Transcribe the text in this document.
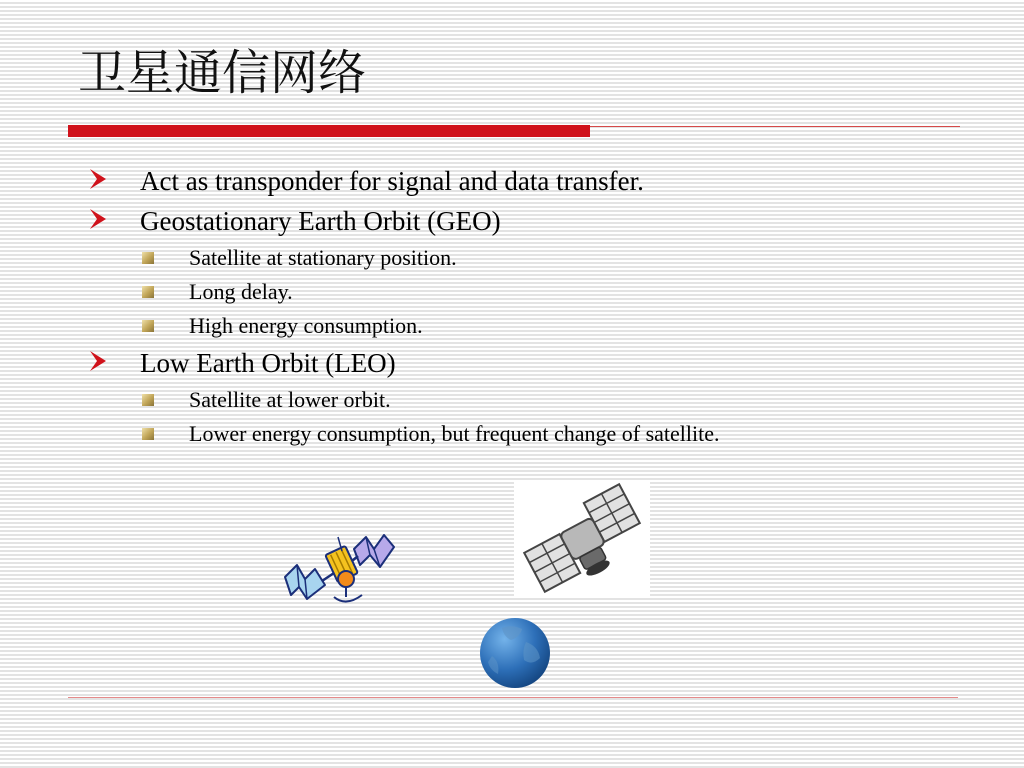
卫星通信网络
Act as transponder for signal and data transfer.
Geostationary Earth Orbit (GEO)
Satellite at stationary position.
Long delay.
High energy consumption.
Low Earth Orbit (LEO)
Satellite at lower orbit.
Lower energy consumption, but frequent change of satellite.
